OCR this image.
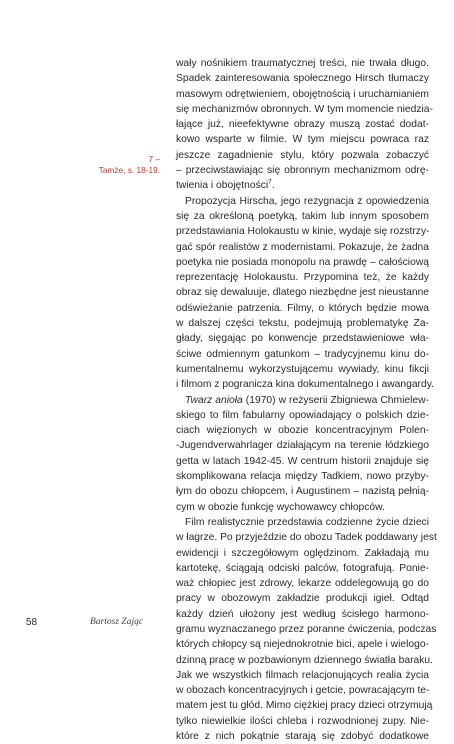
wały nośnikiem traumatycznej treści, nie trwała długo.
Spadek zainteresowania społecznego Hirsch tłumaczy
masowym odrętwieniem, obojętnością i uruchamianiem
się mechanizmów obronnych. W tym momencie niedzia-
łające już, nieefektywne obrazy muszą zostać dodat-
kowo wsparte w filmie. W tym miejscu powraca raz
jeszcze zagadnienie stylu, który pozwala zobaczyć
– przeciwstawiając się obronnym mechanizmom odrę-
twienia i obojętności$^7$.

Propozycja Hirscha, jego rezygnacja z opowiedzenia
się za określoną poetyką, takim lub innym sposobem
przedstawiania Holokaustu w kinie, wydaje się rozstrzy-
gać spór realistów z modernistami. Pokazuje, że żadna
poetyka nie posiada monopolu na prawdę – całościową
reprezentację Holokaustu. Przypomina też, że każdy
obraz się dewaluuje, dlatego niezbędne jest nieustanne
odświeżanie patrzenia. Filmy, o których będzie mowa
w dalszej części tekstu, podejmują problematykę Za-
głady, sięgając po konwencje przedstawieniowe wła-
ściwe odmiennym gatunkom – tradycyjnemu kinu do-
kumentalnemu wykorzystującemu wywiady, kinu fikcji
i filmom z pogranicza kina dokumentalnego i awangardy.

Twarz anioła (1970) w reżyserii Zbigniewa Chmielew-
skiego to film fabularny opowiadający o polskich dzie-
ciach więzionych w obozie koncentracyjnym Polen-
-Jugendverwahrlager działającym na terenie łódzkiego
getta w latach 1942-45. W centrum historii znajduje się
skomplikowana relacja między Tadkiem, nowo przyby-
łym do obozu chłopcem, i Augustinem – nazistą pełnią-
cym w obozie funkcję wychowawcy chłopców.

Film realistycznie przedstawia codzienne życie dzieci
w łagrze. Po przyjeździe do obozu Tadek poddawany jest
ewidencji i szczegółowym oględzinom. Zakładają mu
kartotekę, ściągają odciski palców, fotografują. Ponie-
waż chłopiec jest zdrowy, lekarze oddelegowują go do
pracy w obozowym zakładzie produkcji igieł. Odtąd
każdy dzień ułożony jest według ścisłego harmono-
gramu wyznaczanego przez poranne ćwiczenia, podczas
których chłopcy są niejednokrotnie bici, apele i wielogo-
dzinną pracę w pozbawionym dziennego światła baraku.
Jak we wszystkich filmach relacjonujących realia życia
w obozach koncentracyjnych i getcie, powracającym te-
matem jest tu głód. Mimo ciężkiej pracy dzieci otrzymują
tylko niewielkie ilości chleba i rozwodnionej zupy. Nie-
które z nich pokątnie starają się zdobyć dodatkowe

7 –
Tamże, s. 18-19.
58	Bartosz Zając
